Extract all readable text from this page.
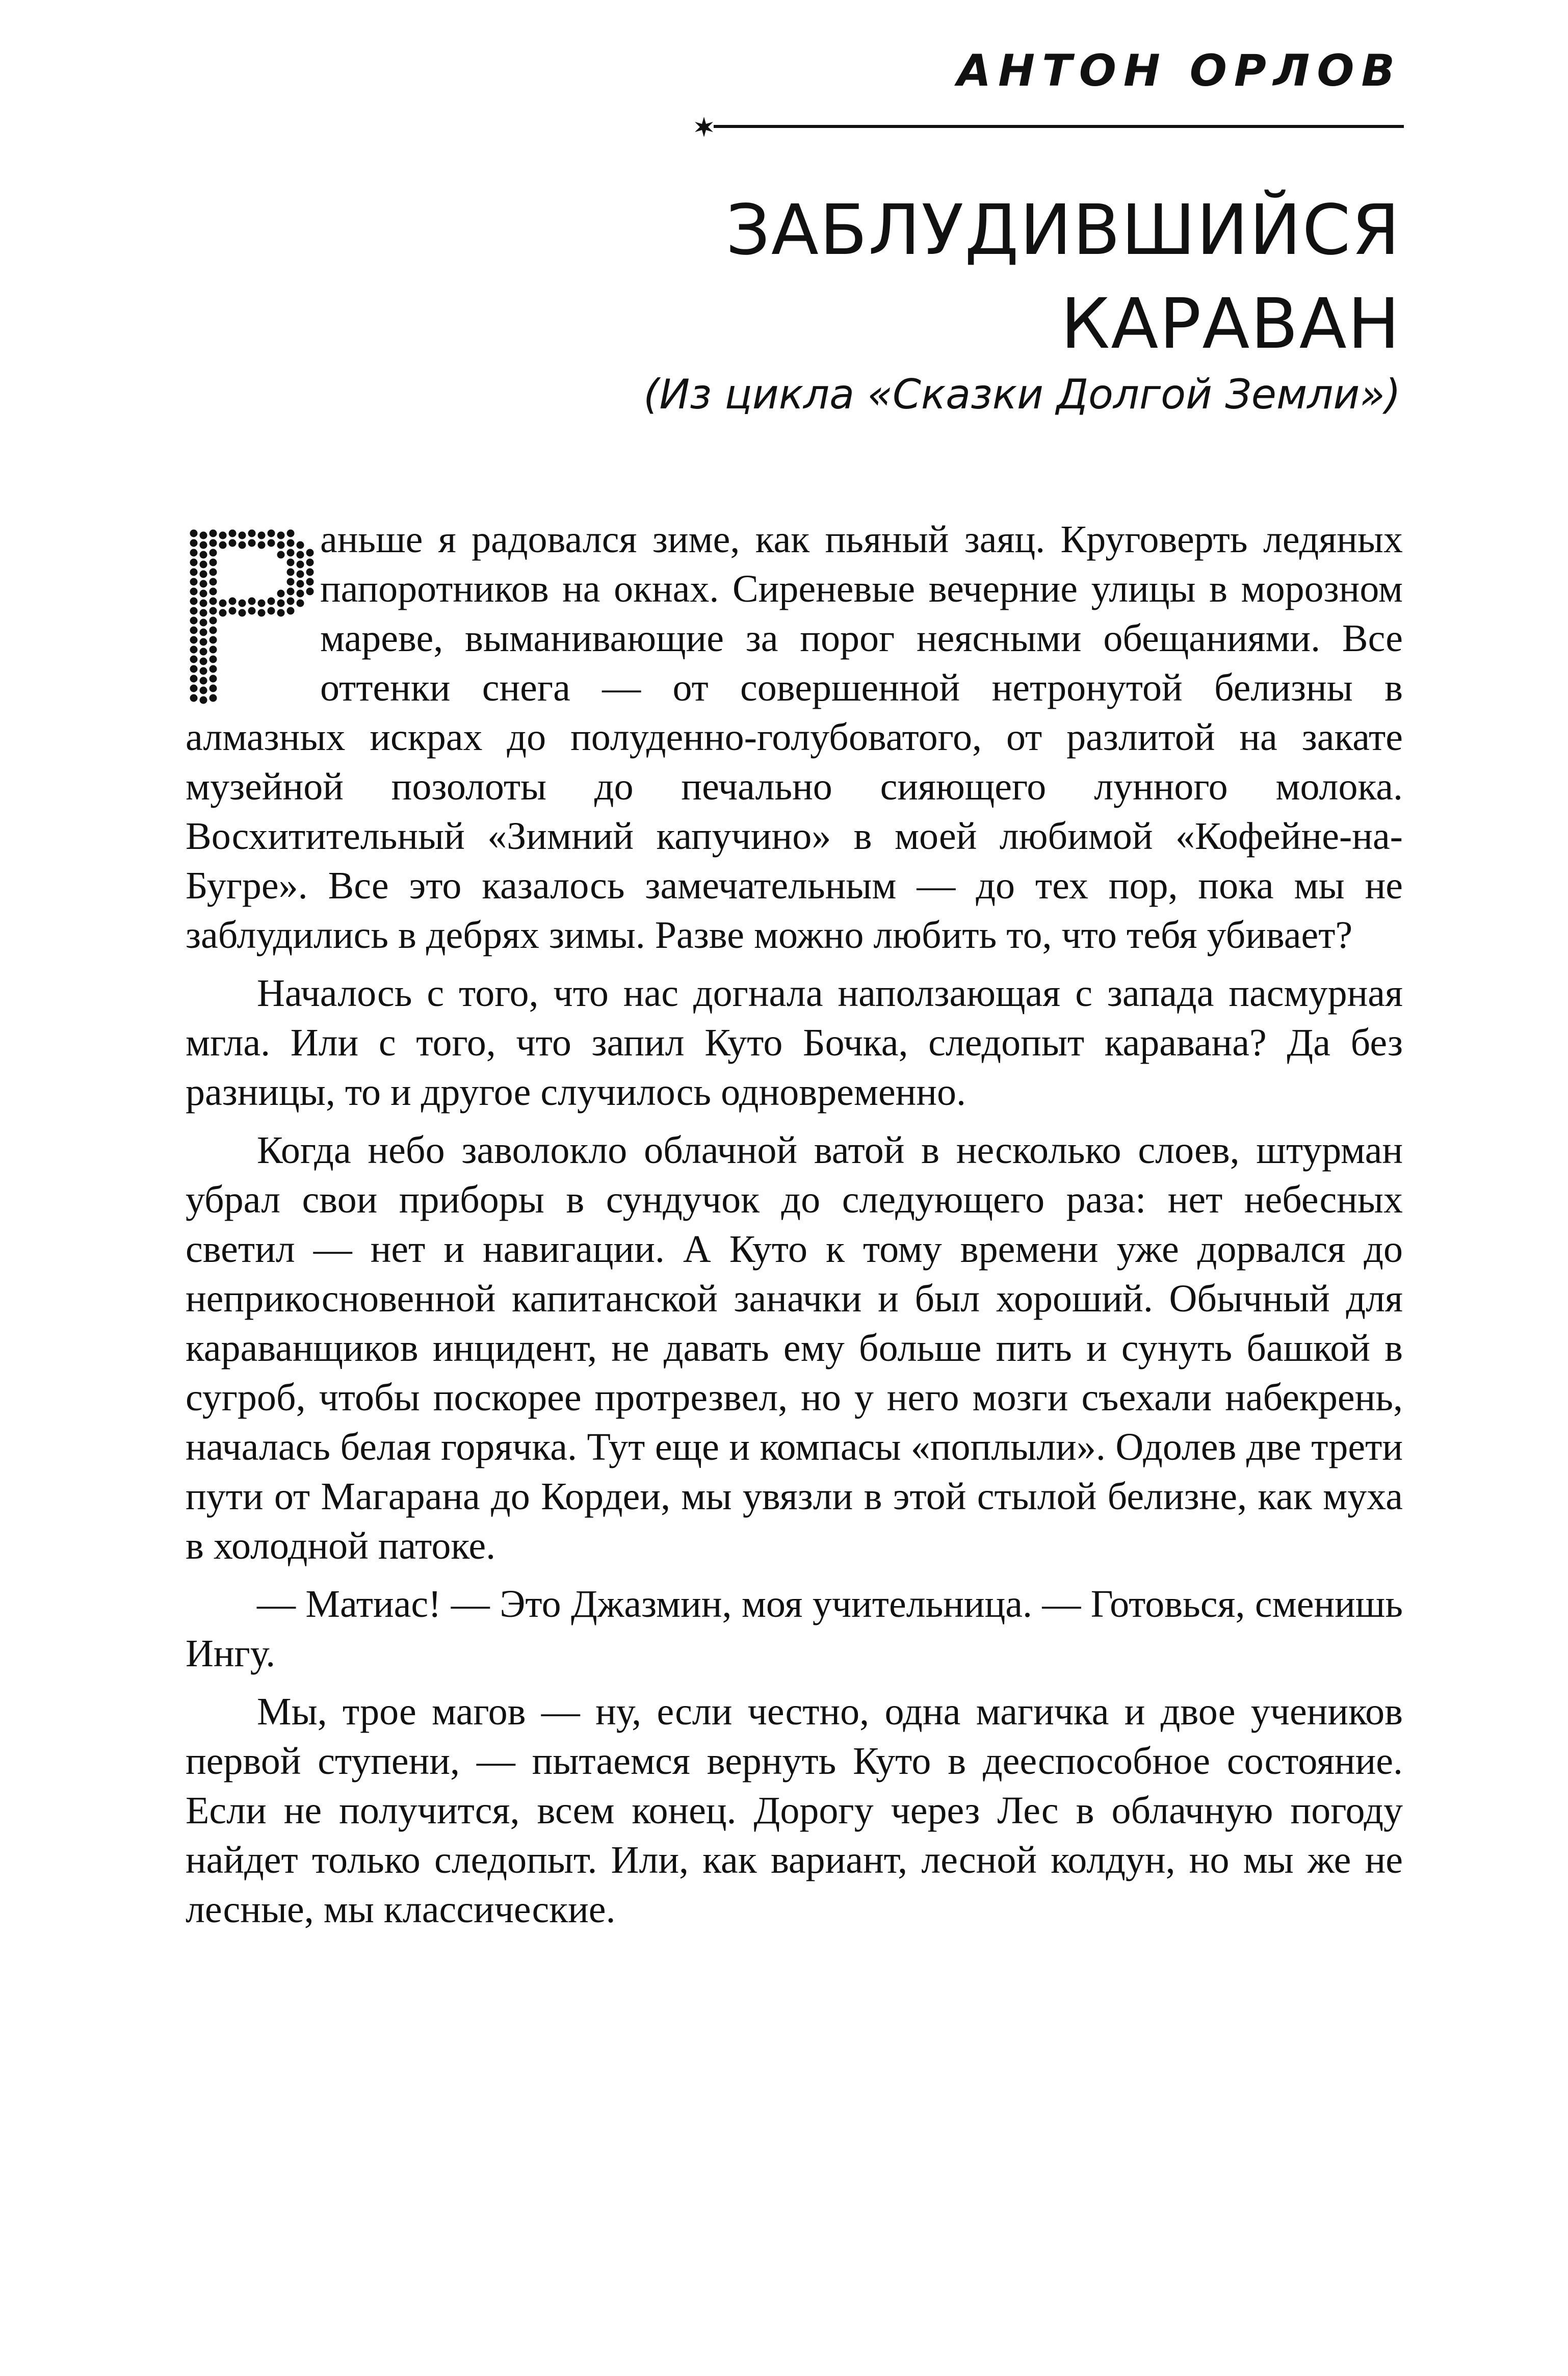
АНТОН ОРЛОВ
ЗАБЛУДИВШИЙСЯ
КАРАВАН

(Из цикла «Сказки Долгой Земли»)

аньше я радовался зиме, как пьяный заяц. Круговерть ледяных папоротников на окнах. Сиреневые вечерние улицы в морозном мареве, выманивающие за порог неясными обещаниями. Все оттенки снега — от совершенной нетронутой белизны в алмазных искрах до полуденно-голубоватого, от разлитой на закате музейной позолоты до печально сияющего лунного молока. Восхитительный «Зимний капучино» в моей любимой «Кофейне-на-Бугре». Все это казалось замечательным — до тех пор, пока мы не заблудились в дебрях зимы. Разве можно любить то, что тебя убивает?

Началось с того, что нас догнала наползающая с запада пасмурная мгла. Или с того, что запил Куто Бочка, следопыт каравана? Да без разницы, то и другое случилось одновременно.

Когда небо заволокло облачной ватой в несколько слоев, штурман убрал свои приборы в сундучок до следующего раза: нет небесных светил — нет и навигации. А Куто к тому времени уже дорвался до неприкосновенной капитанской заначки и был хороший. Обычный для караванщиков инцидент, не давать ему больше пить и сунуть башкой в сугроб, чтобы поскорее протрезвел, но у него мозги съехали набекрень, началась белая горячка. Тут еще и компасы «поплыли». Одолев две трети пути от Магарана до Кордеи, мы увязли в этой стылой белизне, как муха в холодной патоке.

— Матиас! — Это Джазмин, моя учительница. — Готовься, сменишь Ингу.

Мы, трое магов — ну, если честно, одна магичка и двое учеников первой ступени, — пытаемся вернуть Куто в дееспособное состояние. Если не получится, всем конец. Дорогу через Лес в облачную погоду найдет только следопыт. Или, как вариант, лесной колдун, но мы же не лесные, мы классические.
